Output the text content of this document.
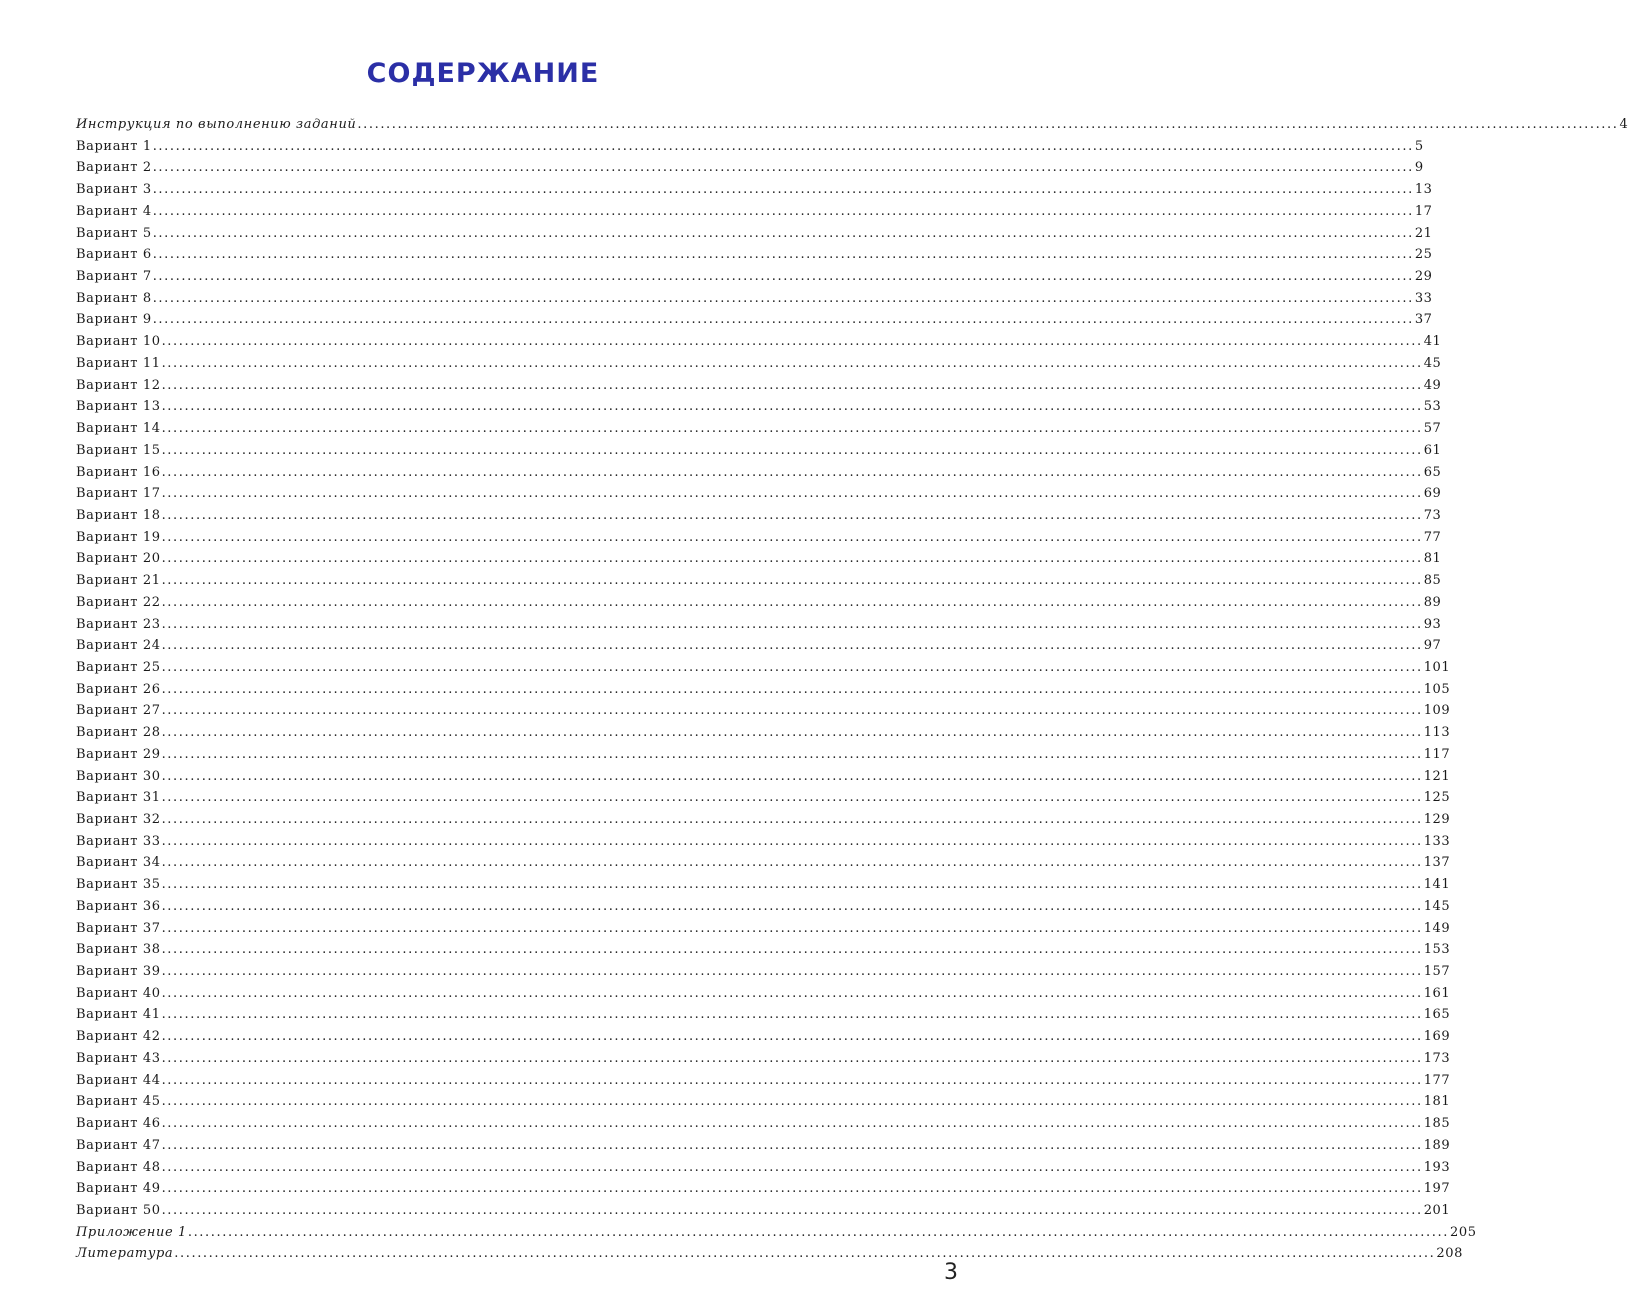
СОДЕРЖАНИЕ
Инструкция по выполнению заданий ............................................................................................................................................................................................................................ 4
Вариант 1 ............................................................................................................................................................................................................................ 5
Вариант 2 ............................................................................................................................................................................................................................ 9
Вариант 3 ............................................................................................................................................................................................................................ 13
Вариант 4 ............................................................................................................................................................................................................................ 17
Вариант 5 ............................................................................................................................................................................................................................ 21
Вариант 6 ............................................................................................................................................................................................................................ 25
Вариант 7 ............................................................................................................................................................................................................................ 29
Вариант 8 ............................................................................................................................................................................................................................ 33
Вариант 9 ............................................................................................................................................................................................................................ 37
Вариант 10 ............................................................................................................................................................................................................................ 41
Вариант 11 ............................................................................................................................................................................................................................ 45
Вариант 12 ............................................................................................................................................................................................................................ 49
Вариант 13 ............................................................................................................................................................................................................................ 53
Вариант 14 ............................................................................................................................................................................................................................ 57
Вариант 15 ............................................................................................................................................................................................................................ 61
Вариант 16 ............................................................................................................................................................................................................................ 65
Вариант 17 ............................................................................................................................................................................................................................ 69
Вариант 18 ............................................................................................................................................................................................................................ 73
Вариант 19 ............................................................................................................................................................................................................................ 77
Вариант 20 ............................................................................................................................................................................................................................ 81
Вариант 21 ............................................................................................................................................................................................................................ 85
Вариант 22 ............................................................................................................................................................................................................................ 89
Вариант 23 ............................................................................................................................................................................................................................ 93
Вариант 24 ............................................................................................................................................................................................................................ 97
Вариант 25 ............................................................................................................................................................................................................................ 101
Вариант 26 ............................................................................................................................................................................................................................ 105
Вариант 27 ............................................................................................................................................................................................................................ 109
Вариант 28 ............................................................................................................................................................................................................................ 113
Вариант 29 ............................................................................................................................................................................................................................ 117
Вариант 30 ............................................................................................................................................................................................................................ 121
Вариант 31 ............................................................................................................................................................................................................................ 125
Вариант 32 ............................................................................................................................................................................................................................ 129
Вариант 33 ............................................................................................................................................................................................................................ 133
Вариант 34 ............................................................................................................................................................................................................................ 137
Вариант 35 ............................................................................................................................................................................................................................ 141
Вариант 36 ............................................................................................................................................................................................................................ 145
Вариант 37 ............................................................................................................................................................................................................................ 149
Вариант 38 ............................................................................................................................................................................................................................ 153
Вариант 39 ............................................................................................................................................................................................................................ 157
Вариант 40 ............................................................................................................................................................................................................................ 161
Вариант 41 ............................................................................................................................................................................................................................ 165
Вариант 42 ............................................................................................................................................................................................................................ 169
Вариант 43 ............................................................................................................................................................................................................................ 173
Вариант 44 ............................................................................................................................................................................................................................ 177
Вариант 45 ............................................................................................................................................................................................................................ 181
Вариант 46 ............................................................................................................................................................................................................................ 185
Вариант 47 ............................................................................................................................................................................................................................ 189
Вариант 48 ............................................................................................................................................................................................................................ 193
Вариант 49 ............................................................................................................................................................................................................................ 197
Вариант 50 ............................................................................................................................................................................................................................ 201
Приложение 1 ............................................................................................................................................................................................................................ 205
Литература ............................................................................................................................................................................................................................ 208
3
